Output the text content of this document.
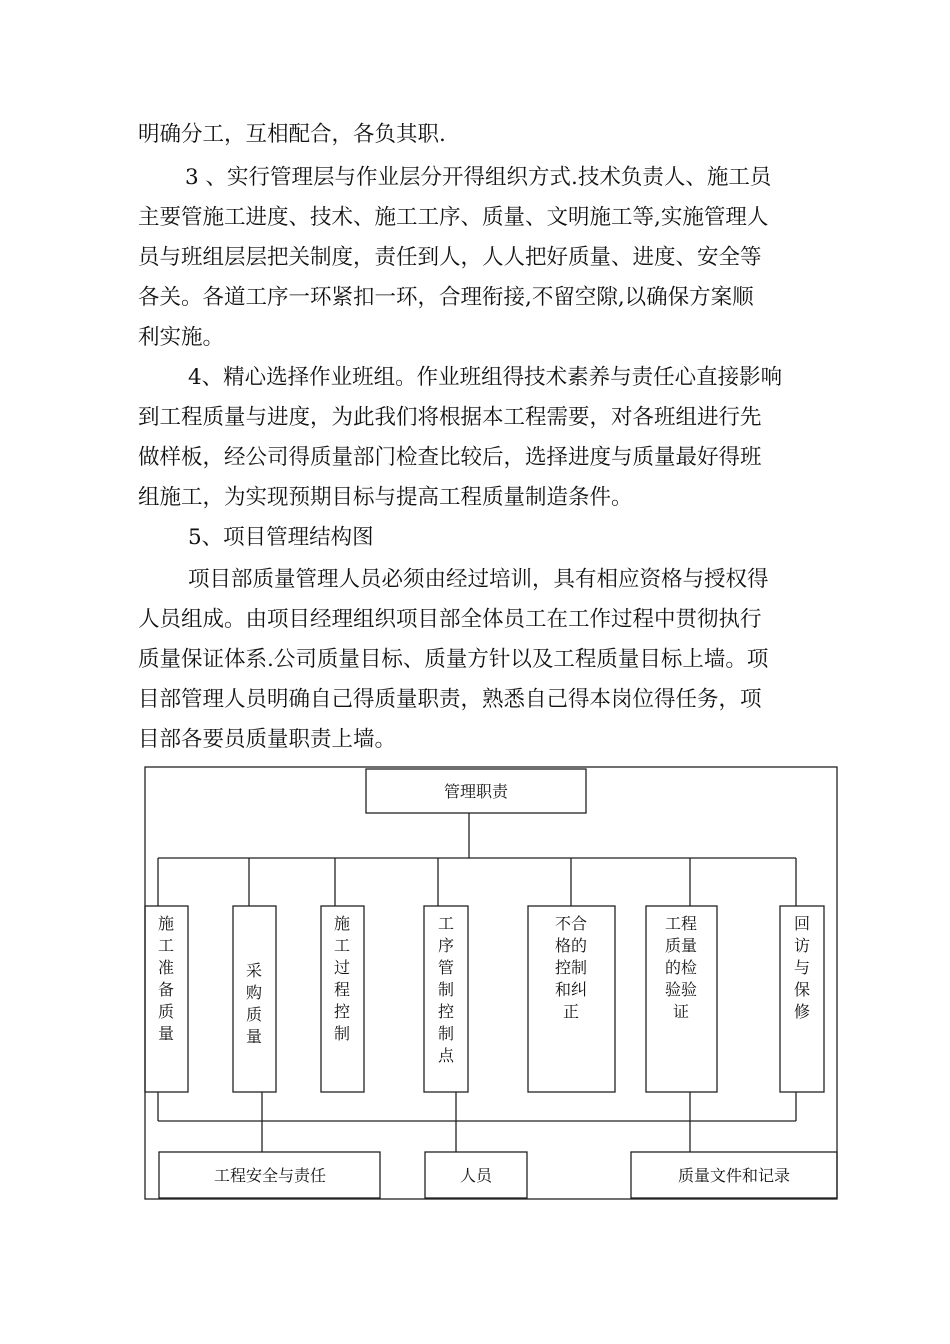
明确分工，互相配合，各负其职.
3 、实行管理层与作业层分开得组织方式.技术负责人、施工员
主要管施工进度、技术、施工工序、质量、文明施工等,实施管理人
员与班组层层把关制度，责任到人，人人把好质量、进度、安全等
各关。各道工序一环紧扣一环，合理衔接,不留空隙,以确保方案顺
利实施。
4、精心选择作业班组。作业班组得技术素养与责任心直接影响
到工程质量与进度，为此我们将根据本工程需要，对各班组进行先
做样板，经公司得质量部门检查比较后，选择进度与质量最好得班
组施工，为实现预期目标与提高工程质量制造条件。
5、项目管理结构图
项目部质量管理人员必须由经过培训，具有相应资格与授权得
人员组成。由项目经理组织项目部全体员工在工作过程中贯彻执行
质量保证体系.公司质量目标、质量方针以及工程质量目标上墙。项
目部管理人员明确自己得质量职责，熟悉自己得本岗位得任务，项
目部各要员质量职责上墙。
管理职责
工程安全与责任	人员	质量文件和记录
施工准备质量
采购质量
施工过程控制
工序管制控制点
不合格的控制和纠正
工程质量的检验验证
回访与保修
